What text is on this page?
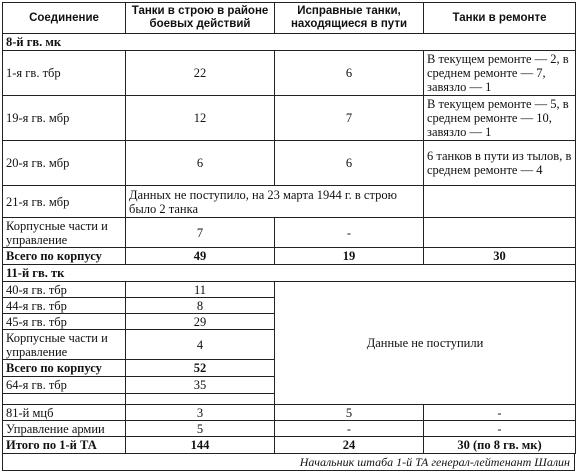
Соединение	Танки в строю в районе боевых действий	Исправные танки, находящиеся в пути	Танки в ремонте
8-й гв. мк			
1-я гв. тбр	22	6	В текущем ремонте — 2, в среднем ремонте — 7, завязло — 1
19-я гв. мбр	12	7	В текущем ремонте — 5, в среднем ремонте — 10, завязло — 1
20-я гв. мбр	6	6	6 танков в пути из тылов, в среднем ремонте — 4
21-я гв. мбр	Данных не поступило, на 23 марта 1944 г. в строю было 2 танка		
Корпусные части и управление	7	-	
Всего по корпусу	49	19	30
11-й гв. тк			
40-я гв. тбр	11	Данные не поступили	
44-я гв. тбр	8		
45-я гв. тбр	29		
Корпусные части и управление	4		
Всего по корпусу	52		
64-я гв. тбр	35		

81-й мцб	3	5	-
Управление армии	5	-	-
Итого по 1-й ТА	144	24	30 (по 8 гв. мк)
Начальник штаба 1-й ТА генерал-лейтенант Шалин
